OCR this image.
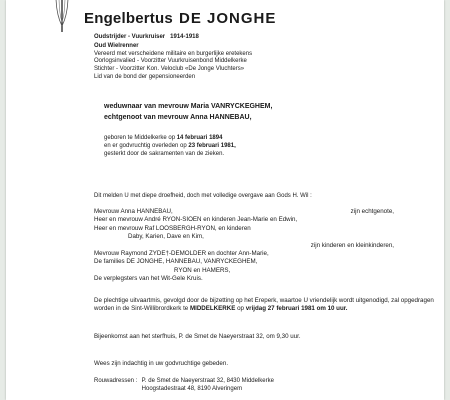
Engelbertus DE JONGHE
Oudstrijder - Vuurkruiser 1914-1918
Oud Wielrenner
Vereerd met verscheidene militaire en burgerlijke eretekens
Oorlogsinvalied - Voorzitter Vuurkruisenbond Middelkerke
Stichter - Voorzitter Kon. Veloclub «De Jonge Vluchters»
Lid van de bond der gepensioneerden
weduwnaar van mevrouw Maria VANRYCKEGHEM,
echtgenoot van mevrouw Anna HANNEBAU,
geboren te Middelkerke op 14 februari 1894
en er godvruchtig overleden op 23 februari 1981,
gesterkt door de sakramenten van de zieken.
Dit melden U met diepe droefheid, doch met volledige overgave aan Gods H. Wil :
Mevrouw Anna HANNEBAU,	zijn echtgenote,
Heer en mevrouw André RYON-SIOEN en kinderen Jean-Marie en Edwin,
Heer en mevrouw Raf LOOSBERGH-RYON, en kinderen
Daby, Karien, Dave en Kim,
zijn kinderen en kleinkinderen,
Mevrouw Raymond ZYDE†-DEMOLDER en dochter Ann-Marie,
De families DE JONGHE, HANNEBAU, VANRYCKEGHEM,
RYON en HAMERS,
De verplegsters van het Wit-Gele Kruis.
De plechtige uitvaartmis, gevolgd door de bijzetting op het Ereperk, waartoe U vriendelijk wordt uitgenodigd, zal opgedragen worden in de Sint-Willibrordkerk te MIDDELKERKE op vrijdag 27 februari 1981 om 10 uur.
Bijeenkomst aan het sterfhuis, P. de Smet de Naeyerstraat 32, om 9,30 uur.
Wees zijn indachtig in uw godvruchtige gebeden.
Rouwadressen : P. de Smet de Naeyerstraat 32, 8430 Middelkerke
Hoogstadestraat 48, 8190 Alveringem
